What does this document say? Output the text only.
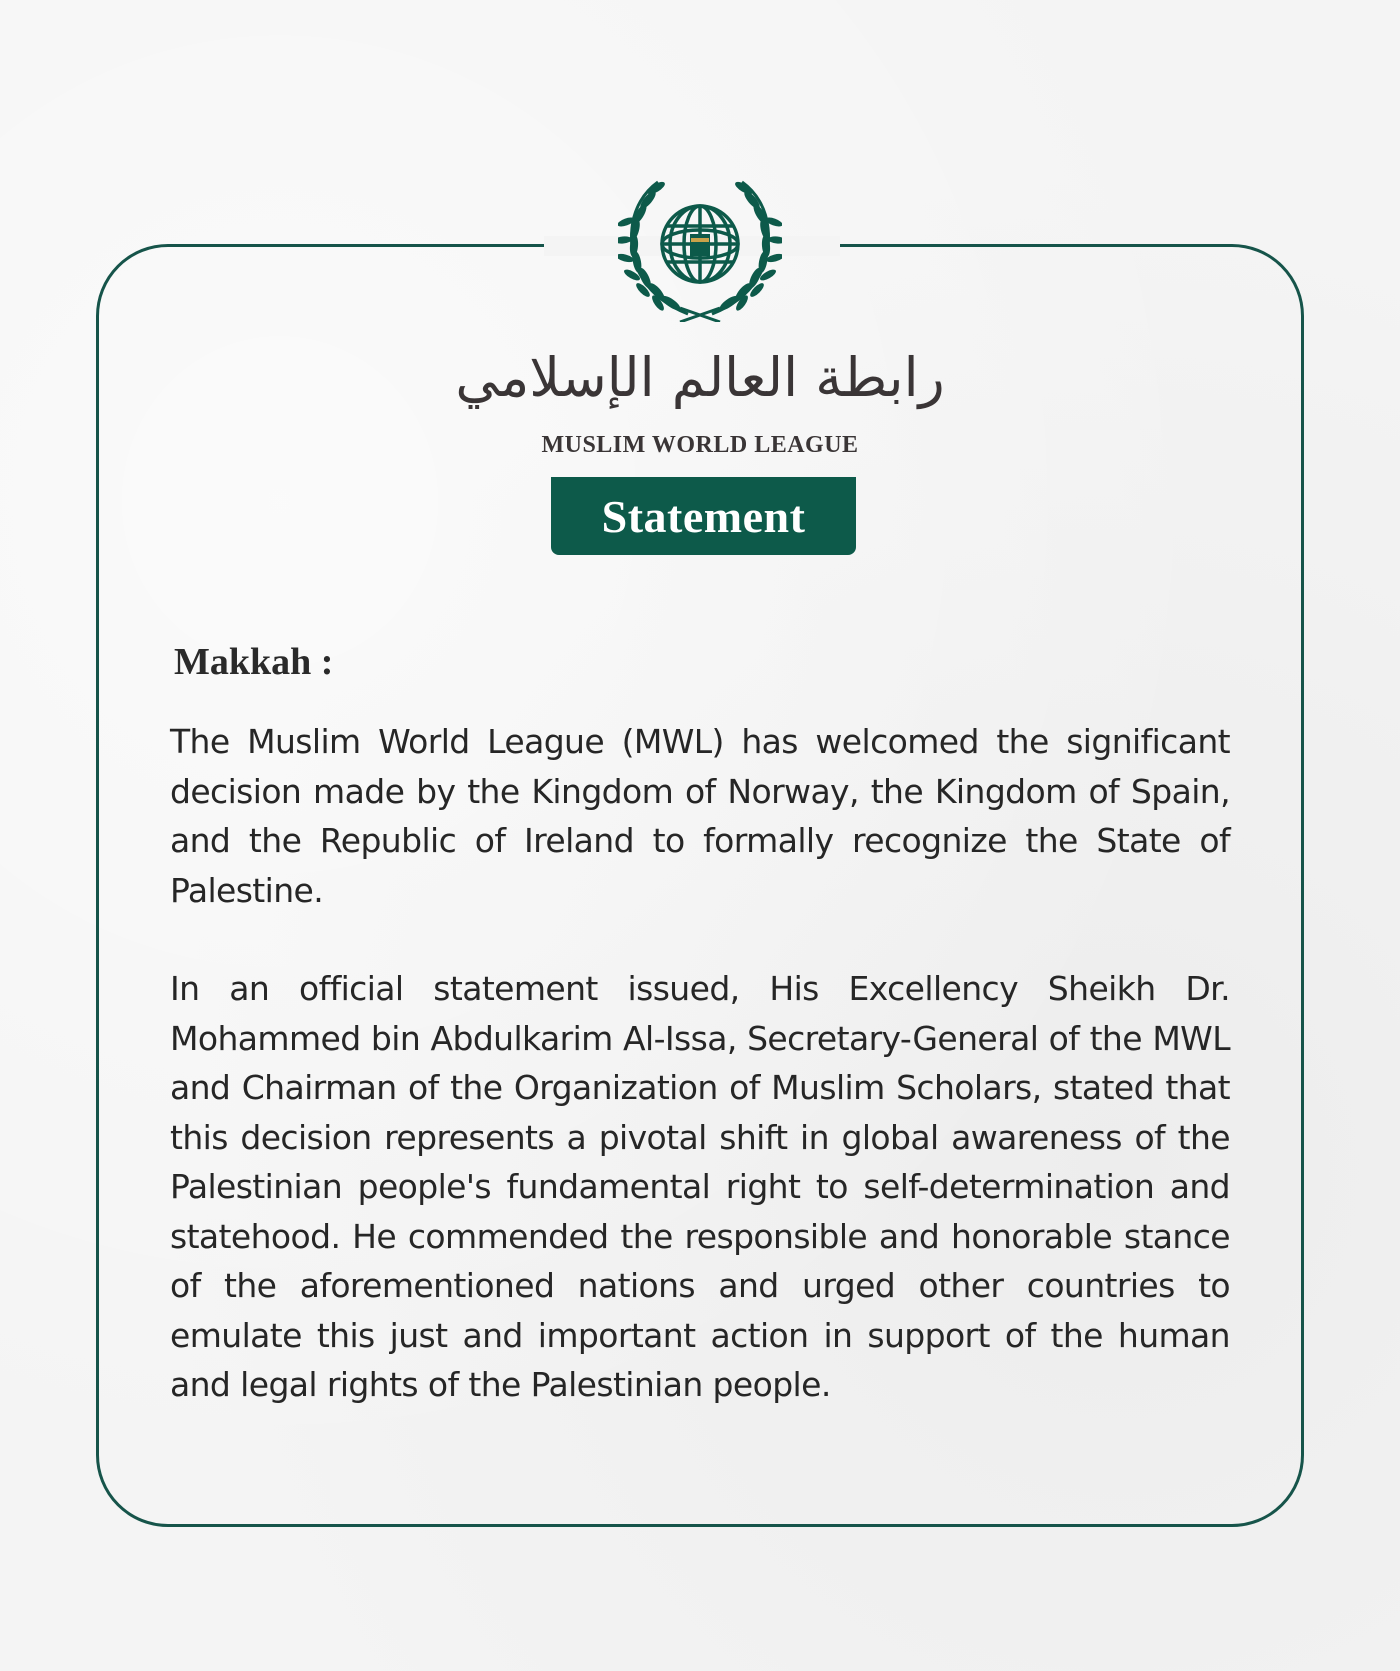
رابطة العالم الإسلامي
MUSLIM WORLD LEAGUE
Statement
Makkah :

The Muslim World League (MWL) has welcomed the significant decision made by the Kingdom of Norway, the Kingdom of Spain, and the Republic of Ireland to formally recognize the State of Palestine.

In an official statement issued, His Excellency Sheikh Dr. Mohammed bin Abdulkarim Al-Issa, Secretary-General of the MWL and Chairman of the Organization of Muslim Scholars, stated that this decision represents a pivotal shift in global awareness of the Palestinian people's fundamental right to self-determination and statehood. He commended the responsible and honorable stance of the aforementioned nations and urged other countries to emulate this just and important action in support of the human and legal rights of the Palestinian people.
